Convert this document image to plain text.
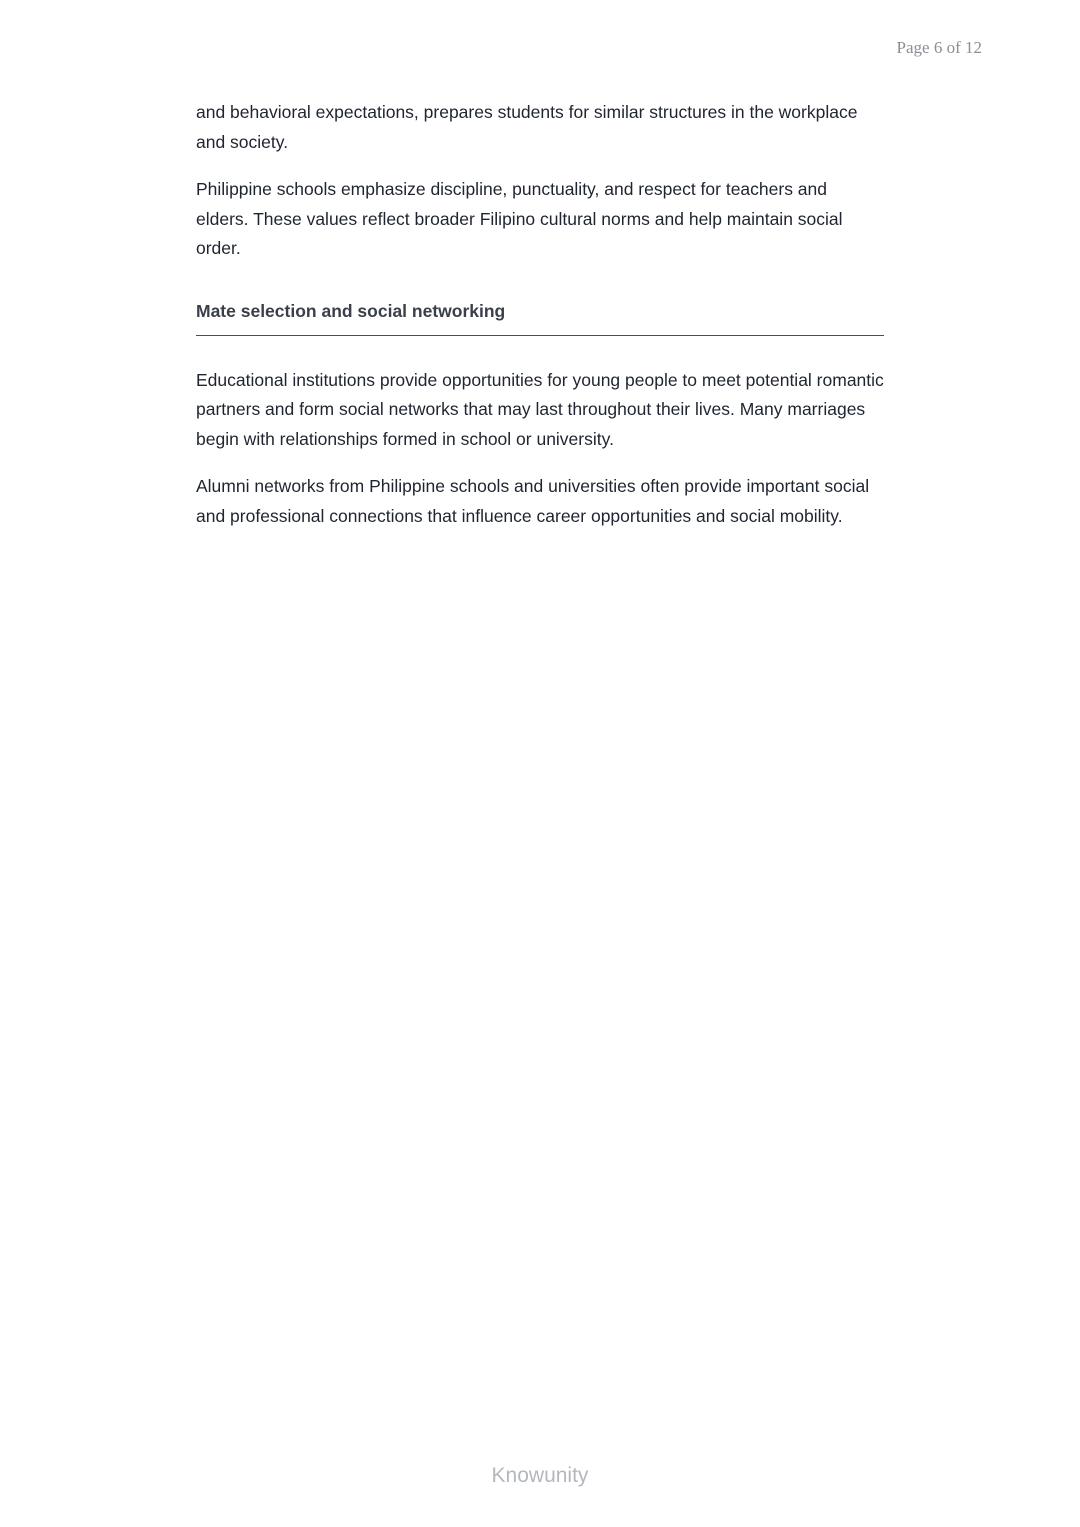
Page 6 of 12

and behavioral expectations, prepares students for similar structures in the workplace and society.

Philippine schools emphasize discipline, punctuality, and respect for teachers and elders. These values reflect broader Filipino cultural norms and help maintain social order.

Mate selection and social networking

Educational institutions provide opportunities for young people to meet potential romantic partners and form social networks that may last throughout their lives. Many marriages begin with relationships formed in school or university.

Alumni networks from Philippine schools and universities often provide important social and professional connections that influence career opportunities and social mobility.

Knowunity
